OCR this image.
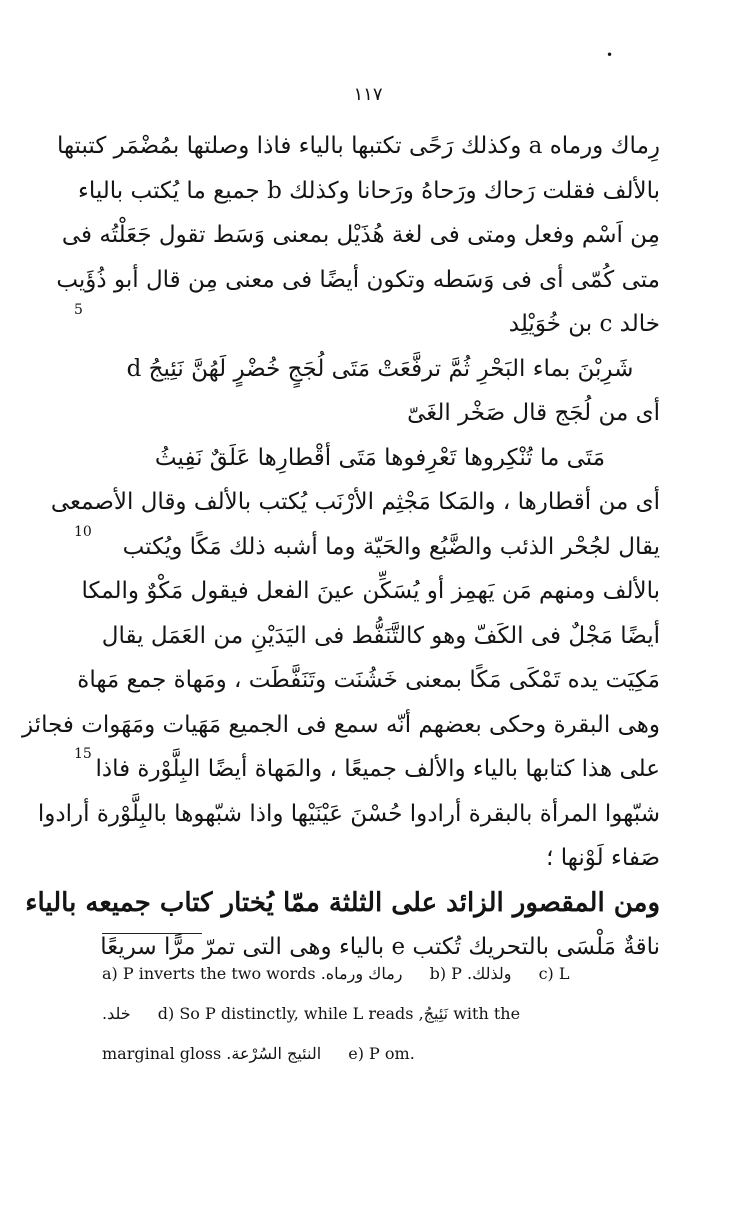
•
١١٧
5
10
15
رِماك ورماه a وكذلك رَحًى تكتبها بالياء فاذا وصلتها بمُضْمَر كتبتها
بالألف فقلت رَحاك ورَحاهُ ورَحانا وكذلك b جميع ما يُكتب بالياء
مِن اَسْم وفعل ومتى فى لغة هُذَيْل بمعنى وَسَط تقول جَعَلْتُه فى
متى كُمّى أى فى وَسَطه وتكون أيضًا فى معنى مِن قال أبو ذُؤَيب
خالد c بن خُوَيْلِد
شَرِبْنَ بماء البَحْرِ ثُمَّ ترفَّعَتْ مَتَى لُجَجٍ خُضْرٍ لَهُنَّ نَئِيجُ d
أى من لُجَج قال صَخْر الغَىّ
مَتَى ما تُنْكِروها تَعْرِفوها مَتَى أقْطارِها عَلَقٌ نَفِيثُ
أى من أقطارها ، والمَكا مَجْثِم الأرْنَب يُكتب بالألف وقال الأصمعى
يقال لجُحْر الذئب والضَّبُع والحَيّة وما أشبه ذلك مَكًا ويُكتب
بالألف ومنهم مَن يَهمِز أو يُسَكِّن عينَ الفعل فيقول مَكْوٌ والمكا
أيضًا مَجْلٌ فى الكَفّ وهو كالتَّنَفُّط فى اليَدَيْنِ من العَمَل يقال
مَكِيَت يده تَمْكَى مَكًا بمعنى خَشُنَت وتَنَفَّطَت ، ومَهاة جمع مَهاة
وهى البقرة وحكى بعضهم أنّه سمع فى الجميع مَهَيات ومَهَوات فجائز
على هذا كتابها بالياء والألف جميعًا ، والمَهاة أيضًا البِلَّوْرة فاذا
شبّهوا المرأة بالبقرة أرادوا حُسْنَ عَيْنَيْها واذا شبّهوها بالبِلَّوْرة أرادوا
صَفاء لَوْنها ؛
ومن المقصور الزائد على الثلثة ممّا يُختار كتاب جميعه بالياء
ناقةٌ مَلْسَى بالتحريك تُكتب e بالياء وهى التى تمرّ مرًّا سريعًا
a) P inverts the two words رماك ورماه. b) P ولذلك. c) L
خلد. d) So P distinctly, while L reads نَئِيجُ, with the
marginal gloss النئيج السُرْعة. e) P om.
